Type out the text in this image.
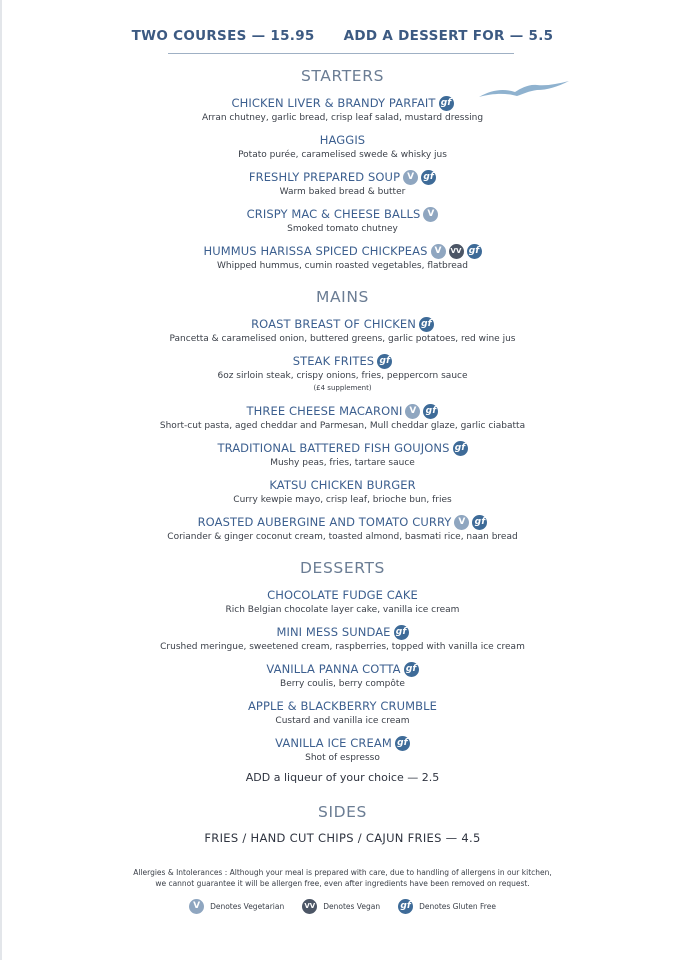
TWO COURSES — 15.95 ADD A DESSERT FOR — 5.5
STARTERS
CHICKEN LIVER & BRANDY PARFAIT gf
Arran chutney, garlic bread, crisp leaf salad, mustard dressing
HAGGIS
Potato purée, caramelised swede & whisky jus
FRESHLY PREPARED SOUP V	gf
Warm baked bread & butter
CRISPY MAC & CHEESE BALLS V
Smoked tomato chutney
HUMMUS HARISSA SPICED CHICKPEAS V	VV gf
Whipped hummus, cumin roasted vegetables, flatbread
MAINS
ROAST BREAST OF CHICKEN gf
Pancetta & caramelised onion, buttered greens, garlic potatoes, red wine jus
STEAK FRITES gf
6oz sirloin steak, crispy onions, fries, peppercorn sauce
(£4 supplement)
THREE CHEESE MACARONI V	gf
Short-cut pasta, aged cheddar and Parmesan, Mull cheddar glaze, garlic ciabatta
TRADITIONAL BATTERED FISH GOUJONS gf
Mushy peas, fries, tartare sauce
KATSU CHICKEN BURGER
Curry kewpie mayo, crisp leaf, brioche bun, fries
ROASTED AUBERGINE AND TOMATO CURRY V	gf
Coriander & ginger coconut cream, toasted almond, basmati rice, naan bread
DESSERTS
CHOCOLATE FUDGE CAKE
Rich Belgian chocolate layer cake, vanilla ice cream
MINI MESS SUNDAE gf
Crushed meringue, sweetened cream, raspberries, topped with vanilla ice cream
VANILLA PANNA COTTA gf
Berry coulis, berry compôte
APPLE & BLACKBERRY CRUMBLE
Custard and vanilla ice cream
VANILLA ICE CREAM gf
Shot of espresso
ADD a liqueur of your choice — 2.5
SIDES
FRIES / HAND CUT CHIPS / CAJUN FRIES — 4.5
Allergies & Intolerances : Although your meal is prepared with care, due to handling of allergens in our kitchen,
we cannot guarantee it will be allergen free, even after ingredients have been removed on request.
V	Denotes Vegetarian	VV Denotes Vegan gf	Denotes Gluten Free
